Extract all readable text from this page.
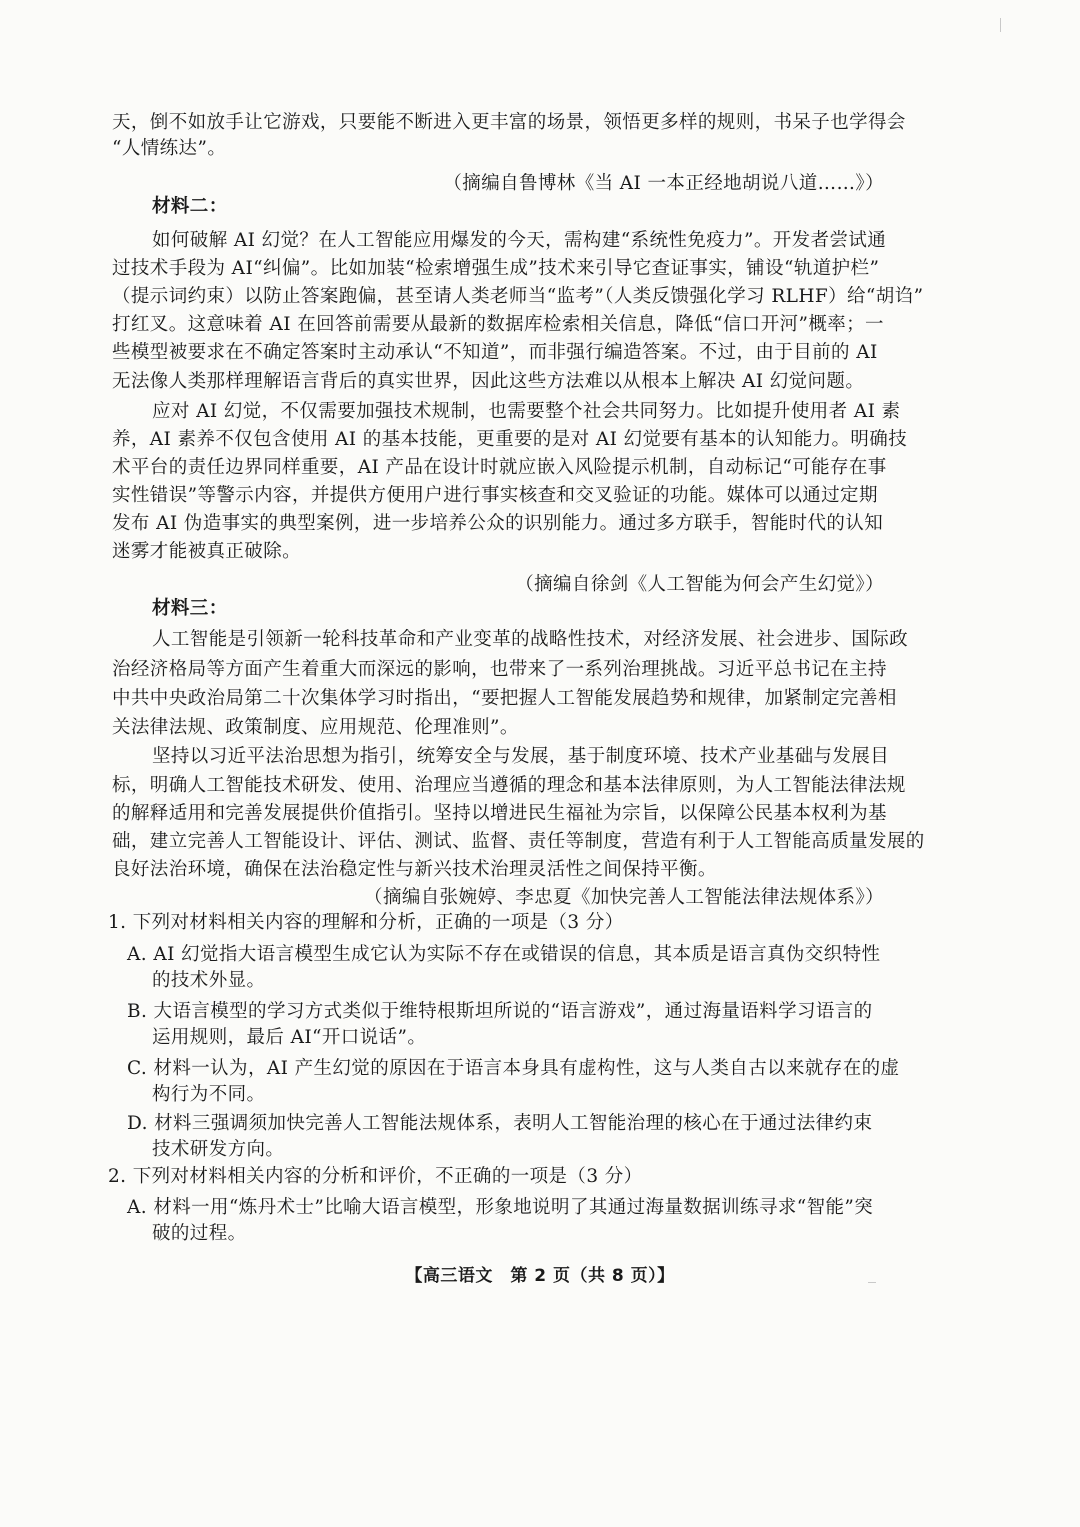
天，倒不如放手让它游戏，只要能不断进入更丰富的场景，领悟更多样的规则，书呆子也学得会
“人情练达”。
（摘编自鲁博林《当 AI 一本正经地胡说八道……》）
材料二：
如何破解 AI 幻觉？在人工智能应用爆发的今天，需构建“系统性免疫力”。开发者尝试通
过技术手段为 AI“纠偏”。比如加装“检索增强生成”技术来引导它查证事实，铺设“轨道护栏”
（提示词约束）以防止答案跑偏，甚至请人类老师当“监考”（人类反馈强化学习 RLHF）给“胡诌”
打红叉。这意味着 AI 在回答前需要从最新的数据库检索相关信息，降低“信口开河”概率；一
些模型被要求在不确定答案时主动承认“不知道”，而非强行编造答案。不过，由于目前的 AI
无法像人类那样理解语言背后的真实世界，因此这些方法难以从根本上解决 AI 幻觉问题。
应对 AI 幻觉，不仅需要加强技术规制，也需要整个社会共同努力。比如提升使用者 AI 素
养，AI 素养不仅包含使用 AI 的基本技能，更重要的是对 AI 幻觉要有基本的认知能力。明确技
术平台的责任边界同样重要，AI 产品在设计时就应嵌入风险提示机制，自动标记“可能存在事
实性错误”等警示内容，并提供方便用户进行事实核查和交叉验证的功能。媒体可以通过定期
发布 AI 伪造事实的典型案例，进一步培养公众的识别能力。通过多方联手，智能时代的认知
迷雾才能被真正破除。
（摘编自徐剑《人工智能为何会产生幻觉》）
材料三：
人工智能是引领新一轮科技革命和产业变革的战略性技术，对经济发展、社会进步、国际政
治经济格局等方面产生着重大而深远的影响，也带来了一系列治理挑战。习近平总书记在主持
中共中央政治局第二十次集体学习时指出，“要把握人工智能发展趋势和规律，加紧制定完善相
关法律法规、政策制度、应用规范、伦理准则”。
坚持以习近平法治思想为指引，统筹安全与发展，基于制度环境、技术产业基础与发展目
标，明确人工智能技术研发、使用、治理应当遵循的理念和基本法律原则，为人工智能法律法规
的解释适用和完善发展提供价值指引。坚持以增进民生福祉为宗旨，以保障公民基本权利为基
础，建立完善人工智能设计、评估、测试、监督、责任等制度，营造有利于人工智能高质量发展的
良好法治环境，确保在法治稳定性与新兴技术治理灵活性之间保持平衡。
（摘编自张婉婷、李忠夏《加快完善人工智能法律法规体系》）
1. 下列对材料相关内容的理解和分析，正确的一项是（3 分）
A. AI 幻觉指大语言模型生成它认为实际不存在或错误的信息，其本质是语言真伪交织特性
的技术外显。
B. 大语言模型的学习方式类似于维特根斯坦所说的“语言游戏”，通过海量语料学习语言的
运用规则，最后 AI“开口说话”。
C. 材料一认为，AI 产生幻觉的原因在于语言本身具有虚构性，这与人类自古以来就存在的虚
构行为不同。
D. 材料三强调须加快完善人工智能法规体系，表明人工智能治理的核心在于通过法律约束
技术研发方向。
2. 下列对材料相关内容的分析和评价，不正确的一项是（3 分）
A. 材料一用“炼丹术士”比喻大语言模型，形象地说明了其通过海量数据训练寻求“智能”突
破的过程。
【高三语文　第 2 页（共 8 页）】
